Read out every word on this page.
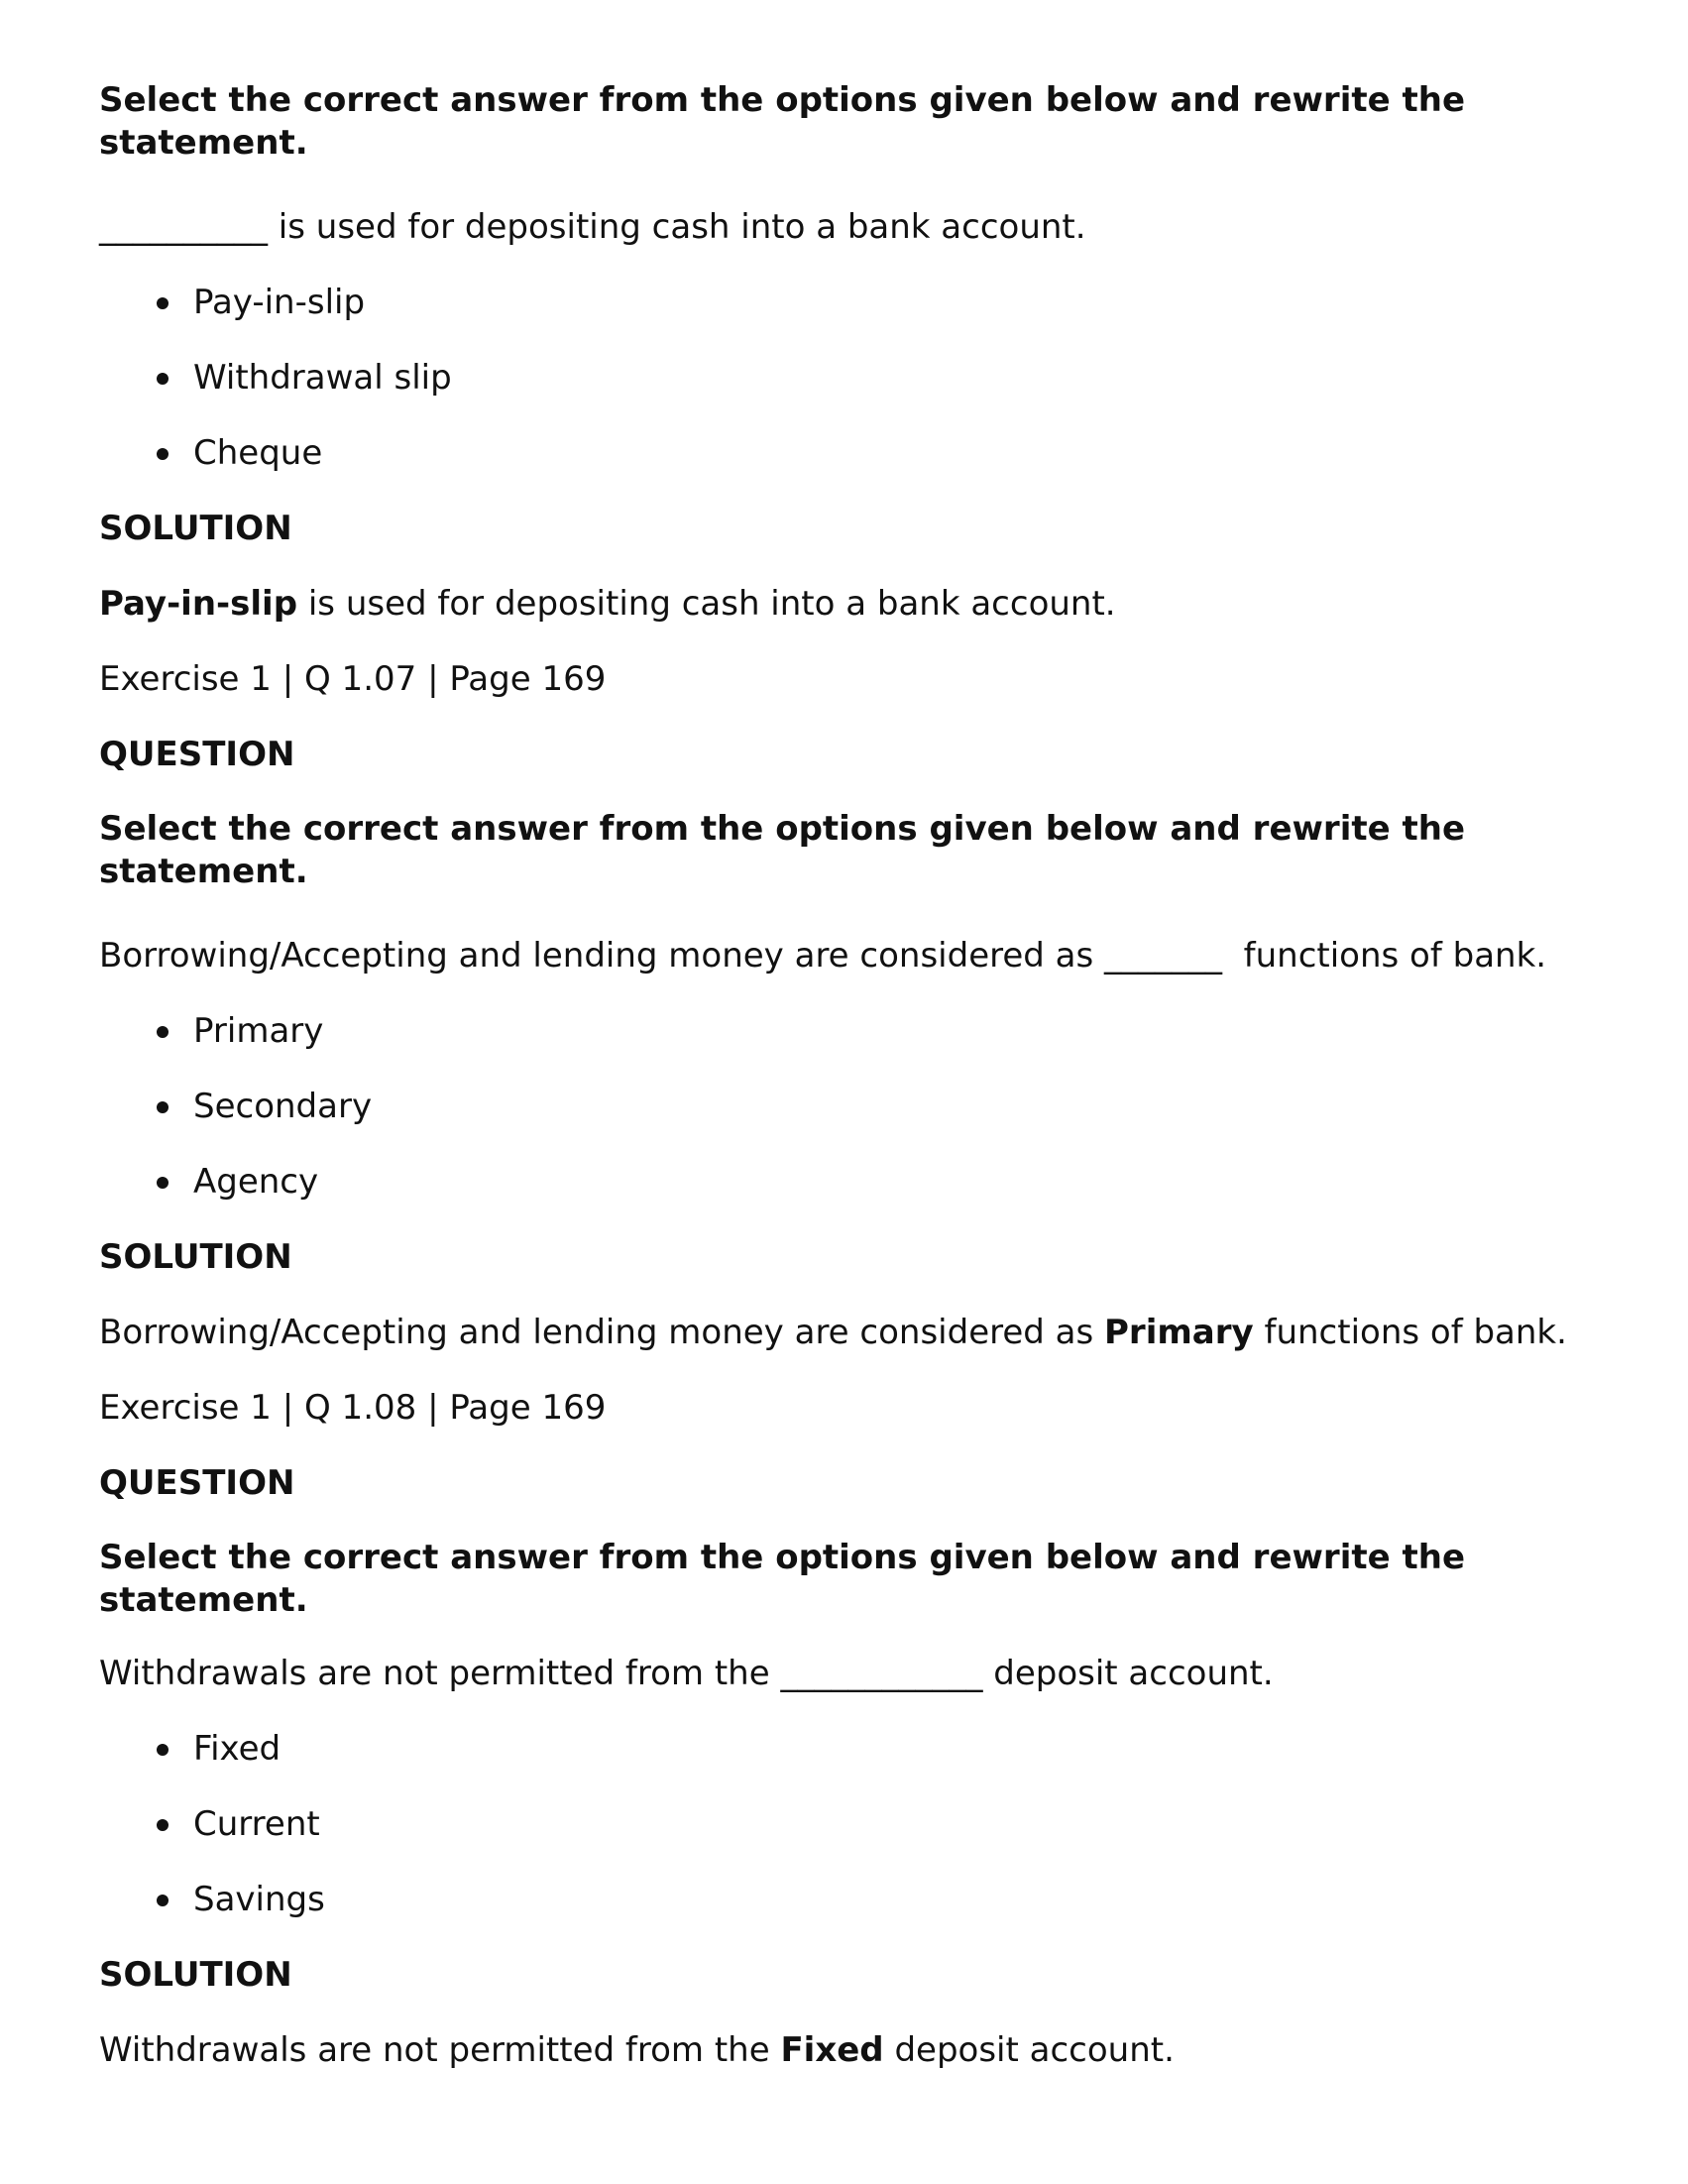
Select the correct answer from the options given below and rewrite the statement.
__________ is used for depositing cash into a bank account.
Pay-in-slip
Withdrawal slip
Cheque
SOLUTION
Pay-in-slip is used for depositing cash into a bank account.
Exercise 1 | Q 1.07 | Page 169
QUESTION
Select the correct answer from the options given below and rewrite the statement.
Borrowing/Accepting and lending money are considered as _______  functions of bank.
Primary
Secondary
Agency
SOLUTION
Borrowing/Accepting and lending money are considered as Primary functions of bank.
Exercise 1 | Q 1.08 | Page 169
QUESTION
Select the correct answer from the options given below and rewrite the statement.
Withdrawals are not permitted from the ____________ deposit account.
Fixed
Current
Savings
SOLUTION
Withdrawals are not permitted from the Fixed deposit account.
